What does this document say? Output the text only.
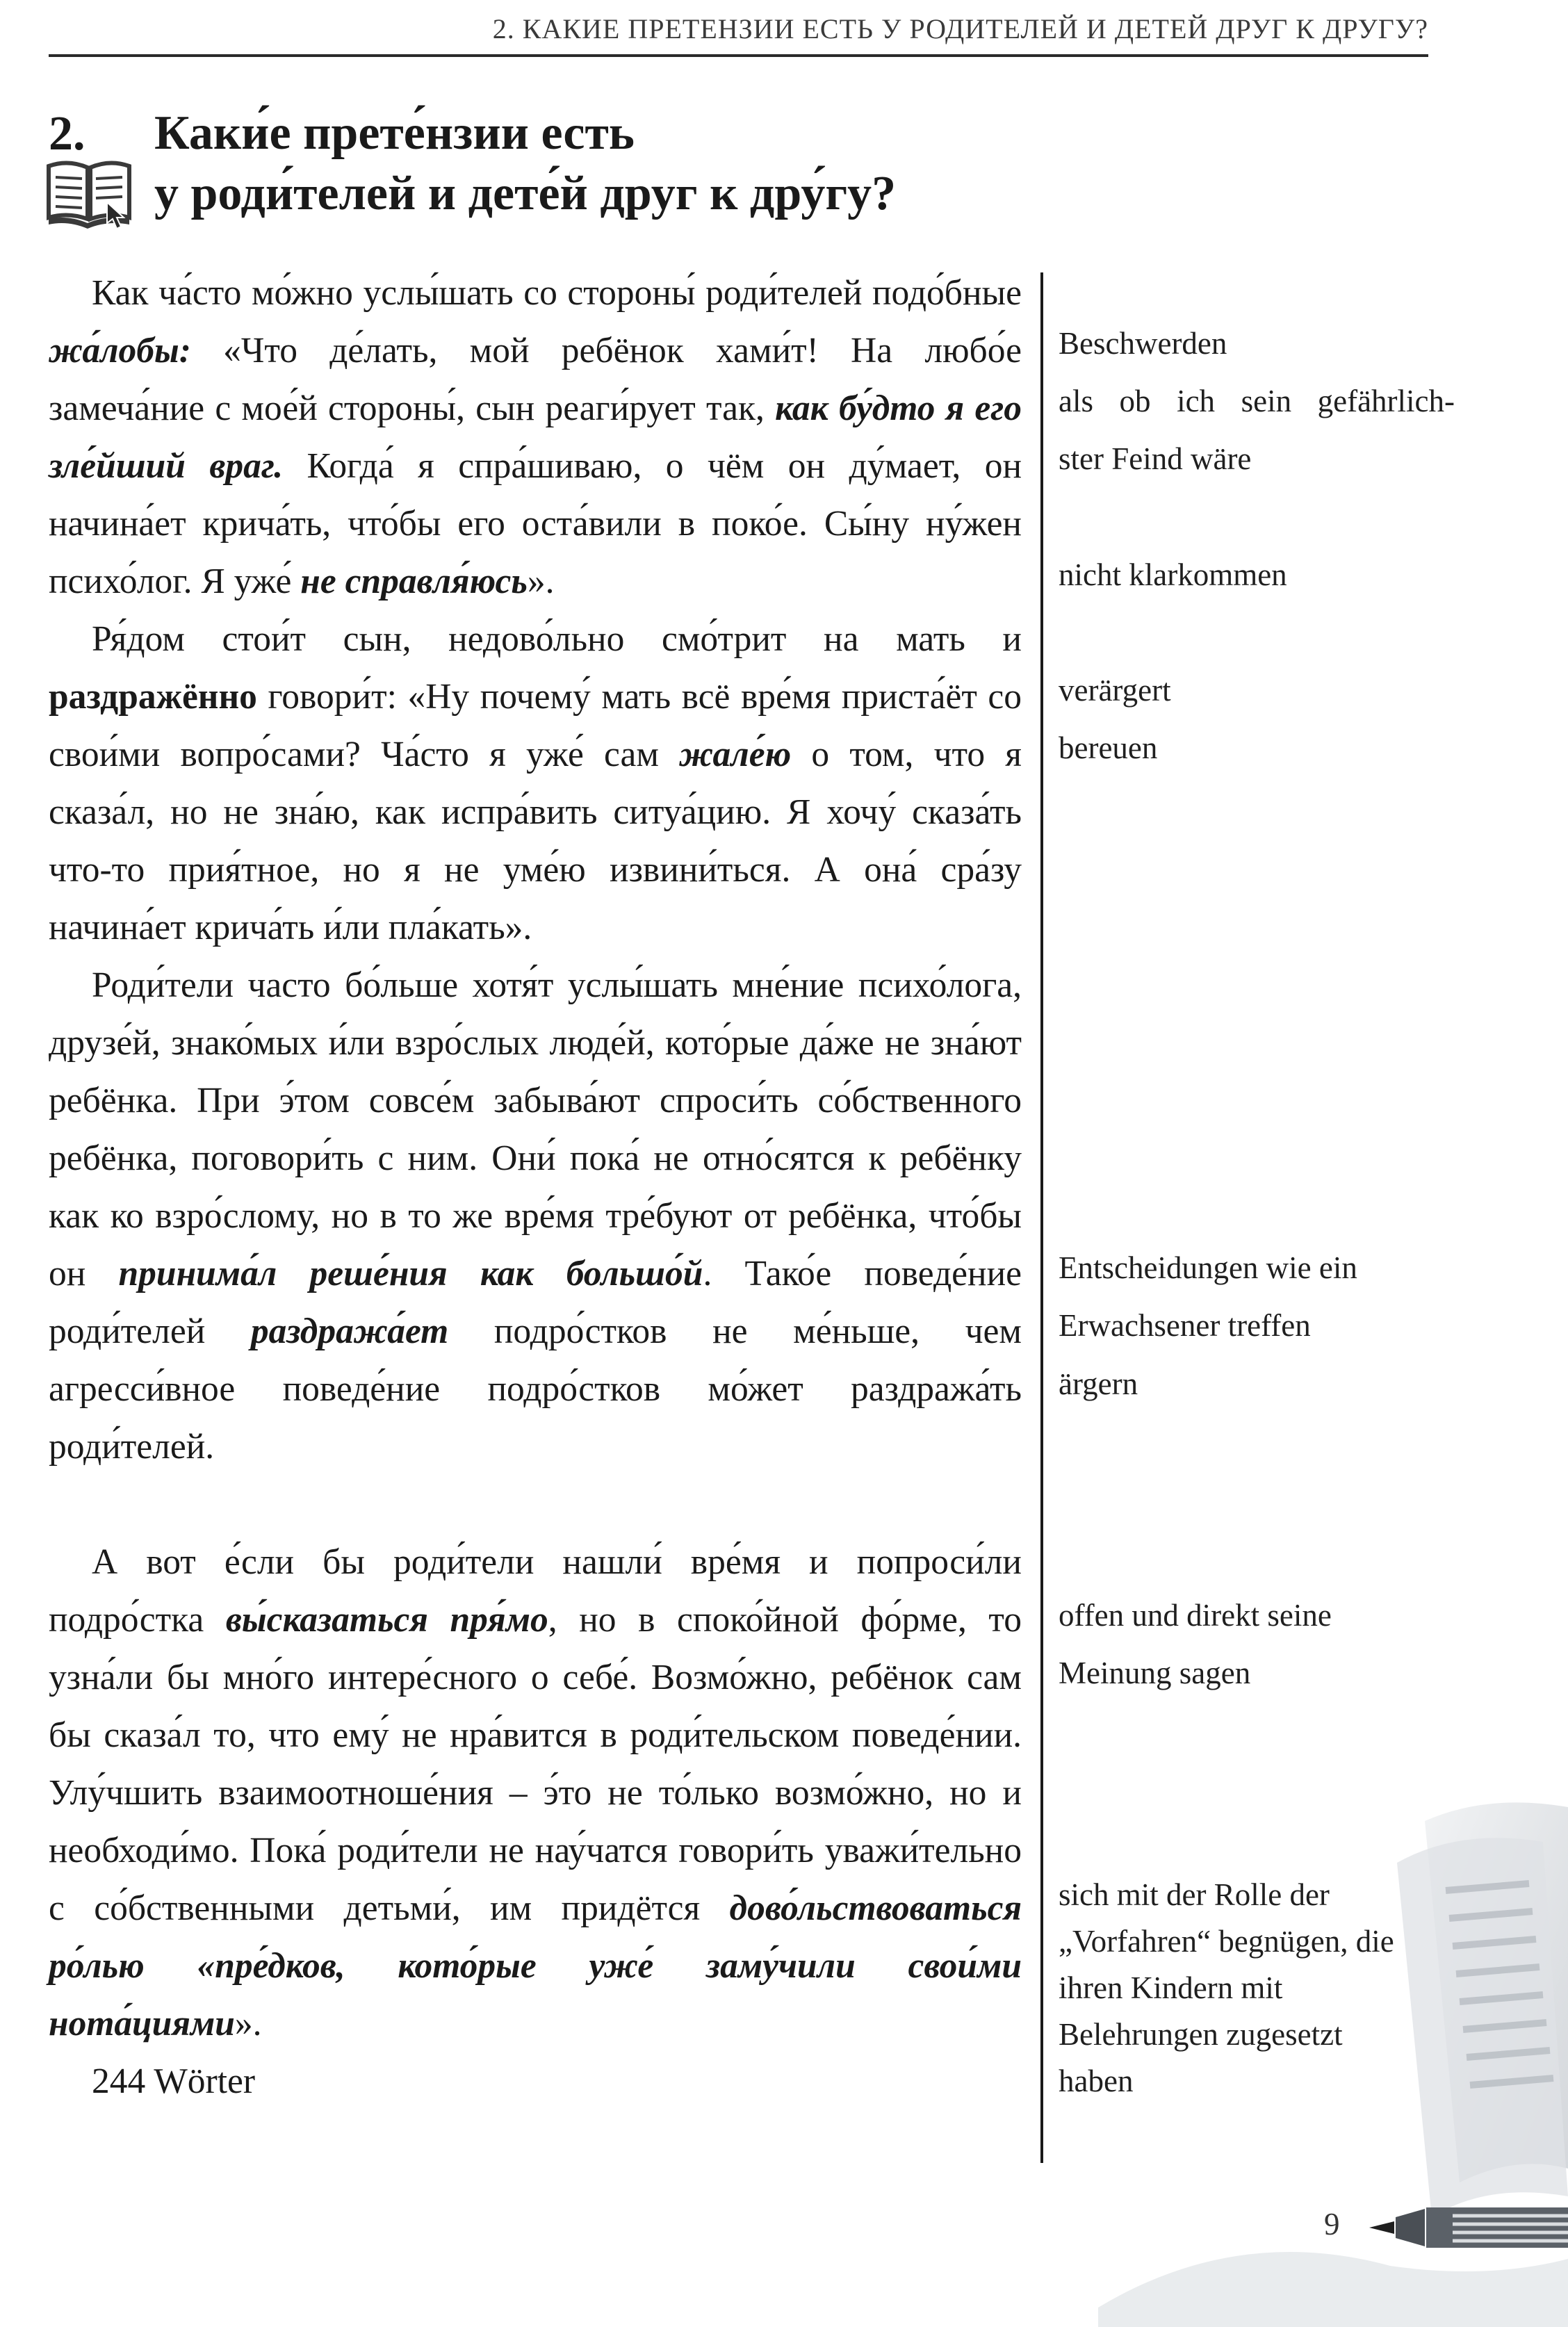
2. КАКИЕ ПРЕТЕНЗИИ ЕСТЬ У РОДИТЕЛЕЙ И ДЕТЕЙ ДРУГ К ДРУГУ?
2. Каки́е прете́нзии есть
у роди́телей и дете́й друг к дру́гу?

Как ча́сто мо́жно услы́шать со стороны́ роди́телей подо́бные жа́лобы: «Что де́лать, мой ребёнок хами́т! На любо́е замеча́ние с мое́й стороны́, сын реаги́рует так, как бу́дто я его зле́йший враг. Когда́ я спра́шиваю, о чём он ду́мает, он начина́ет крича́ть, что́бы его оста́вили в поко́е. Сы́ну ну́жен психо́лог. Я уже́ не справля́юсь».

Ря́дом стои́т сын, недово́льно смо́трит на мать и раздражённо говори́т: «Ну почему́ мать всё вре́мя приста́ёт со свои́ми вопро́сами? Ча́сто я уже́ сам жале́ю о том, что я сказа́л, но не зна́ю, как испра́вить ситуа́цию. Я хочу́ сказа́ть что-то прия́тное, но я не уме́ю извини́ться. А она́ сра́зу начина́ет крича́ть и́ли пла́кать».

Роди́тели часто бо́льше хотя́т услы́шать мне́ние психо́лога, друзе́й, знако́мых и́ли взро́слых люде́й, кото́рые да́же не зна́ют ребёнка. При э́том совсе́м забыва́ют спроси́ть со́бственного ребёнка, поговори́ть с ним. Они́ пока́ не отно́сятся к ребёнку как ко взро́слому, но в то же вре́мя тре́буют от ребёнка, что́бы он принима́л реше́ния как большо́й. Тако́е поведе́ние роди́телей раздража́ет подро́стков не ме́ньше, чем агресси́вное поведе́ние подро́стков мо́жет раздража́ть роди́телей.

А вот е́сли бы роди́тели нашли́ вре́мя и попроси́ли подро́стка вы́сказаться пря́мо, но в споко́йной фо́рме, то узна́ли бы мно́го интере́сного о себе́. Возмо́жно, ребёнок сам бы сказа́л то, что ему́ не нра́вится в роди́тельском поведе́нии. Улу́чшить взаимоотноше́ния – э́то не то́лько возмо́жно, но и необходи́мо. Пока́ роди́тели не нау́чатся говори́ть уважи́тельно с со́бственными детьми́, им придётся дово́льствоваться ро́лью «пре́дков, кото́рые уже́ заму́чили свои́ми нота́циями».

244 Wörter

Beschwerden
als ob ich sein gefährlich-
ster Feind wäre
nicht klarkommen
verärgert
bereuen
Entscheidungen wie ein Erwachsener treffen
ärgern
offen und direkt seine Meinung sagen
sich mit der Rolle der „Vorfahren“ begnügen, die ihren Kindern mit Belehrungen zugesetzt haben
9
